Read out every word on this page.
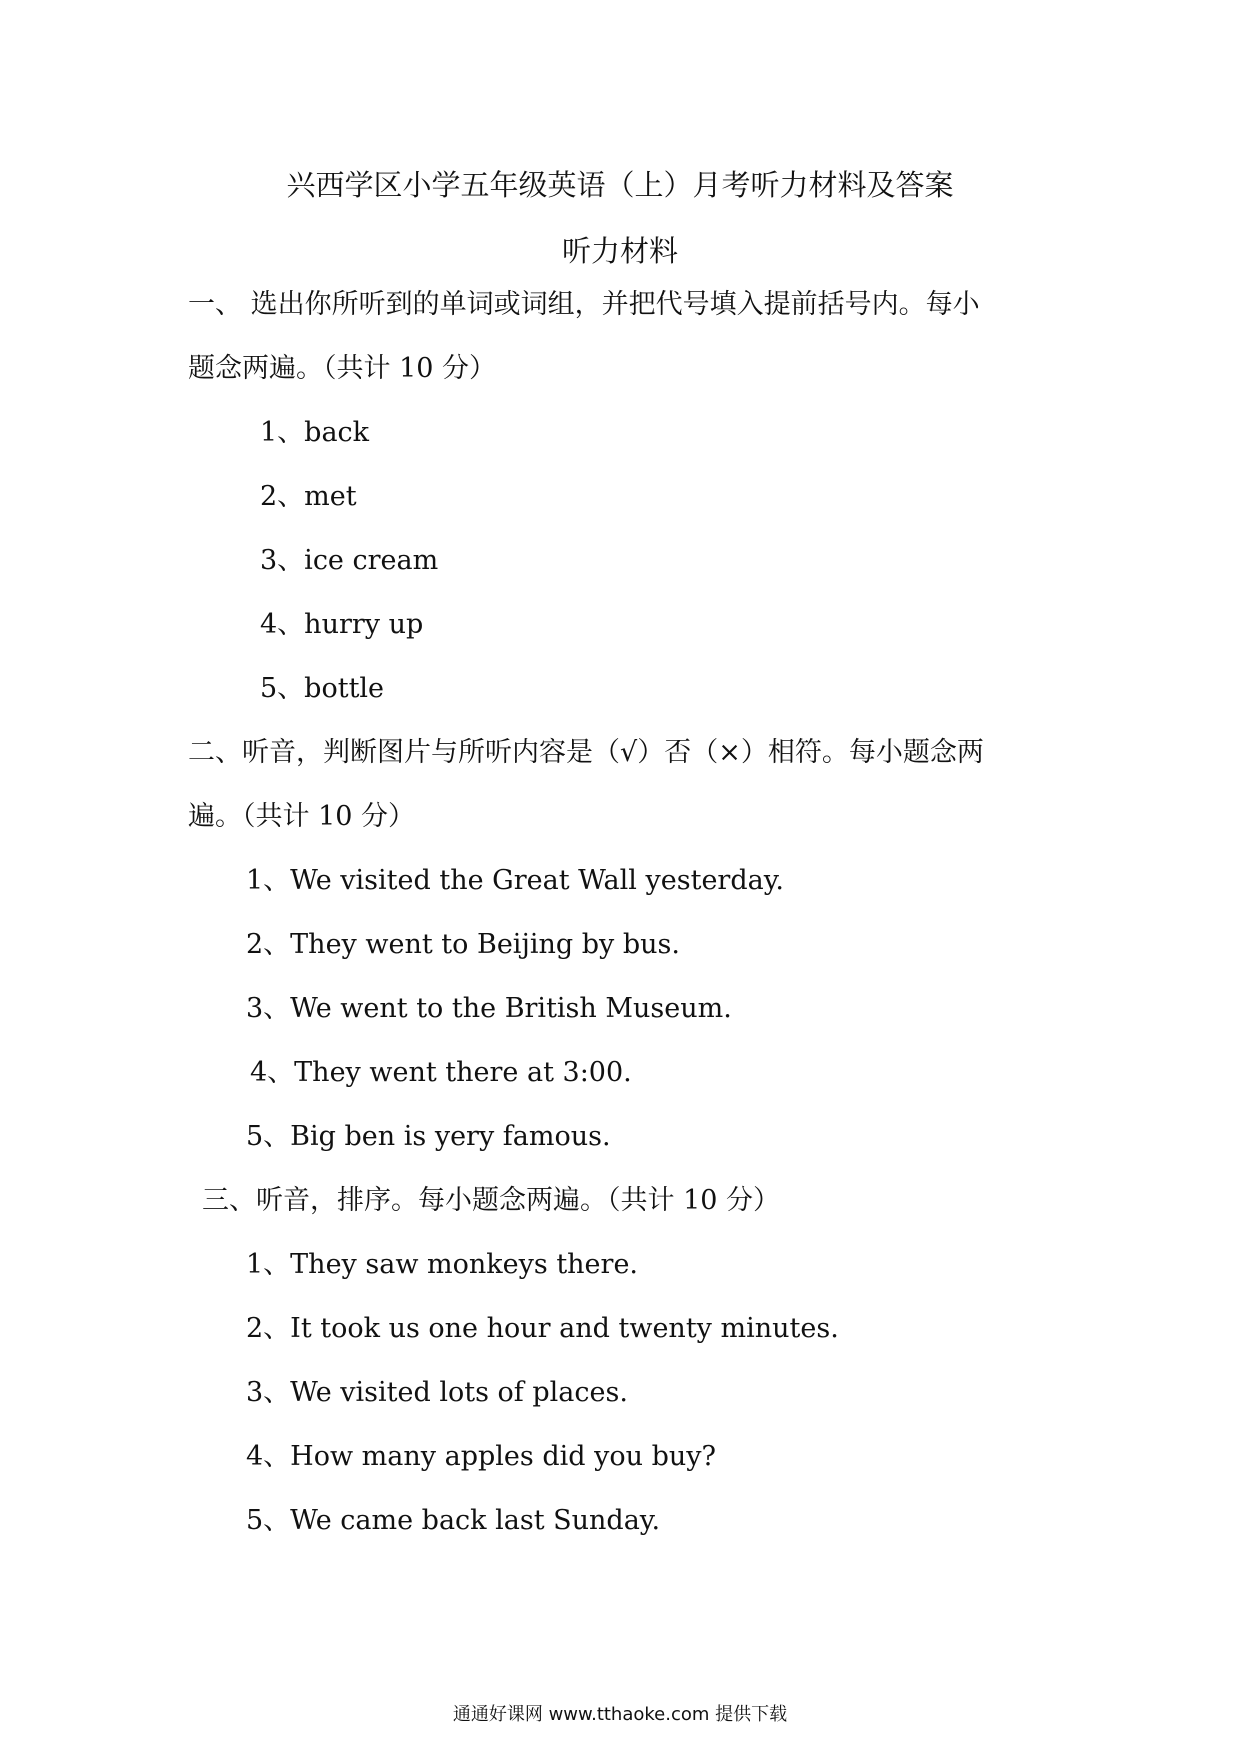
兴西学区小学五年级英语（上）月考听力材料及答案
听力材料
一、 选出你所听到的单词或词组，并把代号填入提前括号内。每小
题念两遍。（共计 10 分）
1、back
2、met
3、ice cream
4、hurry up
5、bottle
二、听音，判断图片与所听内容是（√）否（×）相符。每小题念两
遍。（共计 10 分）
1、We visited the Great Wall yesterday.
2、They went to Beijing by bus.
3、We went to the British Museum.
4、They went there at 3:00.
5、Big ben is yery famous.
三、听音，排序。每小题念两遍。（共计 10 分）
1、They saw monkeys there.
2、It took us one hour and twenty minutes.
3、We visited lots of places.
4、How many apples did you buy?
5、We came back last Sunday.
通通好课网 www.tthaoke.com 提供下载
